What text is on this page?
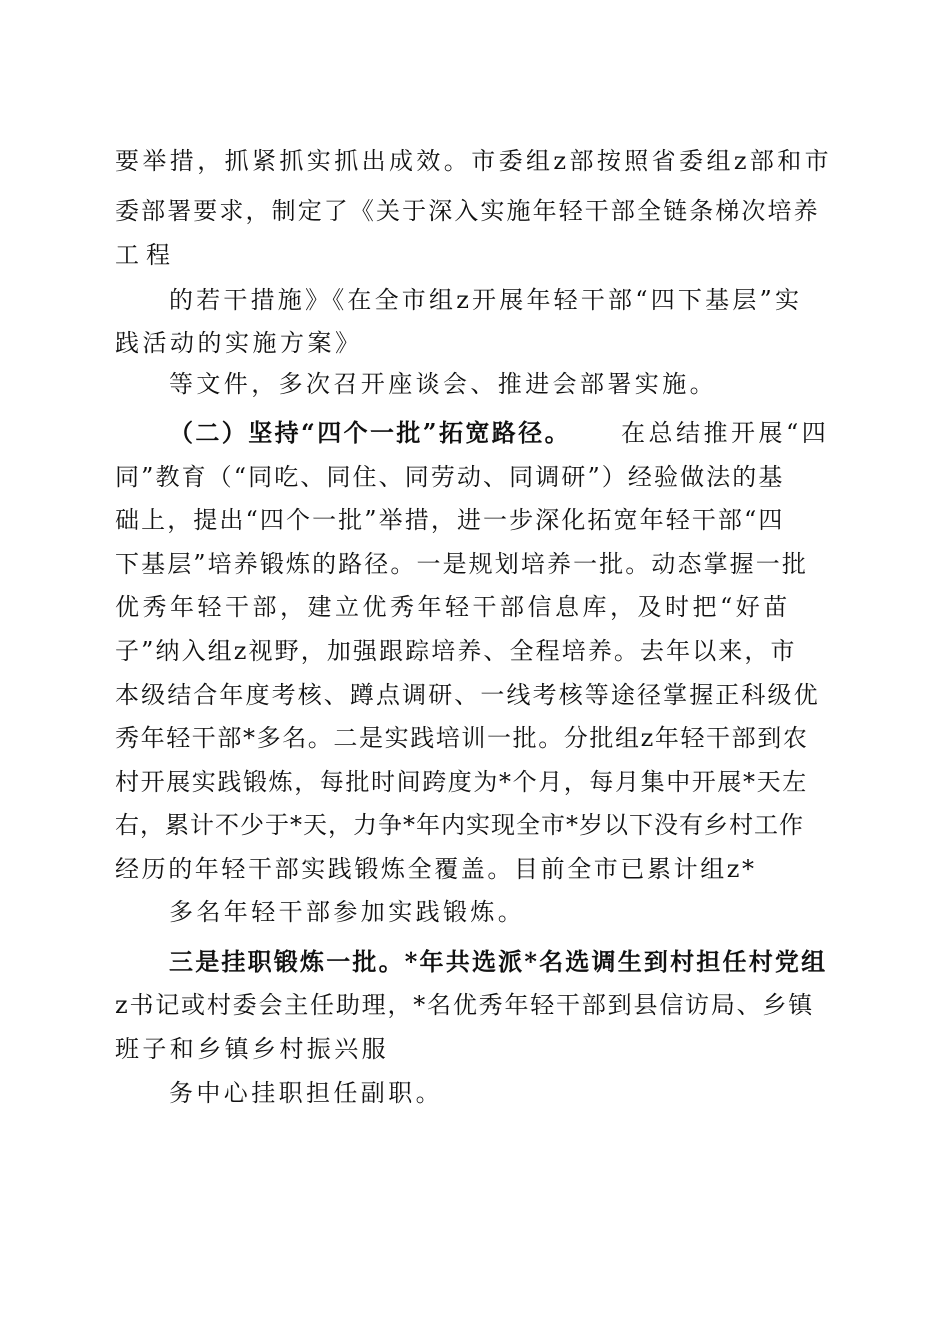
要举措，抓紧抓实抓出成效。市委组z部按照省委组z部和市
委部署要求，制定了《关于深入实施年轻干部全链条梯次培养
工程
的若干措施》《在全市组z开展年轻干部“四下基层”实
践活动的实施方案》
等文件，多次召开座谈会、推进会部署实施。
（二）坚持“四个一批”拓宽路径。 在总结推开展“四
同”教育（“同吃、同住、同劳动、同调研”）经验做法的基
础上，提出“四个一批”举措，进一步深化拓宽年轻干部“四
下基层”培养锻炼的路径。一是规划培养一批。动态掌握一批
优秀年轻干部，建立优秀年轻干部信息库，及时把“好苗
子”纳入组z视野，加强跟踪培养、全程培养。去年以来，市
本级结合年度考核、蹲点调研、一线考核等途径掌握正科级优
秀年轻干部*多名。二是实践培训一批。分批组z年轻干部到农
村开展实践锻炼，每批时间跨度为*个月，每月集中开展*天左
右，累计不少于*天，力争*年内实现全市*岁以下没有乡村工作
经历的年轻干部实践锻炼全覆盖。目前全市已累计组z*
多名年轻干部参加实践锻炼。
三是挂职锻炼一批。*年共选派*名选调生到村担任村党组
z书记或村委会主任助理，*名优秀年轻干部到县信访局、乡镇
班子和乡镇乡村振兴服
务中心挂职担任副职。
